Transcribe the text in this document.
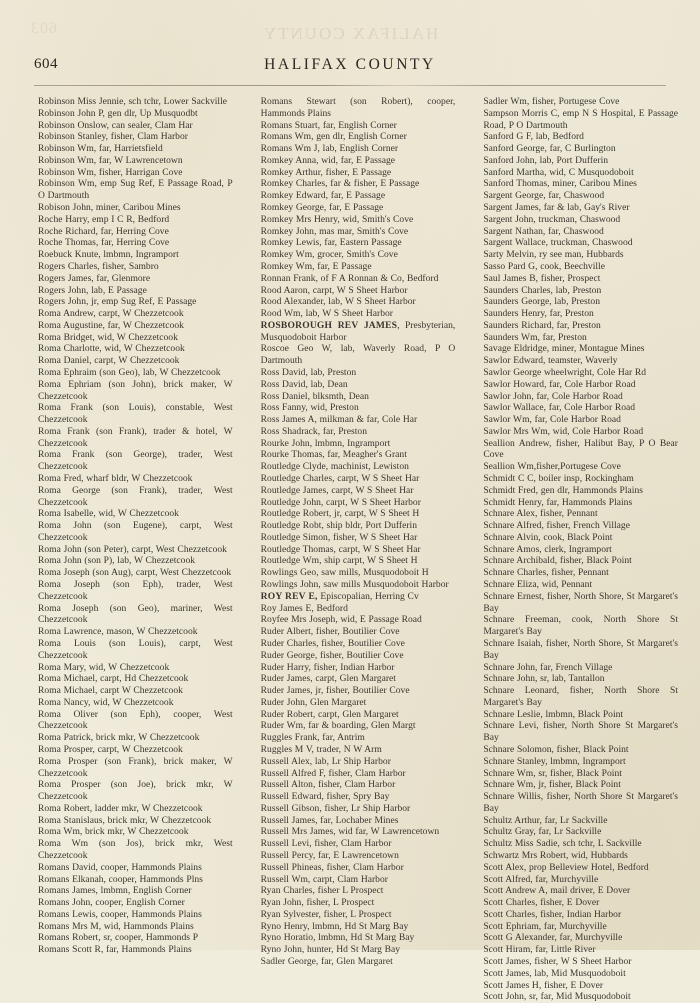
HALIFAX COUNTY
603
604	HALIFAX COUNTY

Robinson Miss Jennie, sch tchr, Lower Sackville

Robinson John P, gen dlr, Up Musquodbt

Robinson Onslow, can sealer, Clam Har

Robinson Stanley, fisher, Clam Harbor

Robinson Wm, far, Harrietsfield

Robinson Wm, far, W Lawrencetown

Robinson Wm, fisher, Harrigan Cove

Robinson Wm, emp Sug Ref, E Passage Road, P O Dartmouth

Robison John, miner, Caribou Mines

Roche Harry, emp I C R, Bedford

Roche Richard, far, Herring Cove

Roche Thomas, far, Herring Cove

Roebuck Knute, lmbmn, Ingramport

Rogers Charles, fisher, Sambro

Rogers James, far, Glenmore

Rogers John, lab, E Passage

Rogers John, jr, emp Sug Ref, E Passage

Roma Andrew, carpt, W Chezzetcook

Roma Augustine, far, W Chezzetcook

Roma Bridget, wid, W Chezzetcook

Roma Charlotte, wid, W Chezzetcook

Roma Daniel, carpt, W Chezzetcook

Roma Ephraim (son Geo), lab, W Chezzetcook

Roma Ephriam (son John), brick maker, W Chezzetcook

Roma Frank (son Louis), constable, West Chezzetcook

Roma Frank (son Frank), trader & hotel, W Chezzetcook

Roma Frank (son George), trader, West Chezzetcook

Roma Fred, wharf bldr, W Chezzetcook

Roma George (son Frank), trader, West Chezzetcook

Roma Isabelle, wid, W Chezzetcook

Roma John (son Eugene), carpt, West Chezzetcook

Roma John (son Peter), carpt, West Chezzetcook

Roma John (son P), lab, W Chezzetcook

Roma Joseph (son Aug), carpt, West Chezzetcook

Roma Joseph (son Eph), trader, West Chezzetcook

Roma Joseph (son Geo), mariner, West Chezzetcook

Roma Lawrence, mason, W Chezzetcook

Roma Louis (son Louis), carpt, West Chezzetcook

Roma Mary, wid, W Chezzetcook

Roma Michael, carpt, Hd Chezzetcook

Roma Michael, carpt W Chezzetcook

Roma Nancy, wid, W Chezzetcook

Roma Oliver (son Eph), cooper, West Chezzetcook

Roma Patrick, brick mkr, W Chezzetcook

Roma Prosper, carpt, W Chezzetcook

Roma Prosper (son Frank), brick maker, W Chezzetcook

Roma Prosper (son Joe), brick mkr, W Chezzetcook

Roma Robert, ladder mkr, W Chezzetcook

Roma Stanislaus, brick mkr, W Chezzetcook

Roma Wm, brick mkr, W Chezzetcook

Roma Wm (son Jos), brick mkr, West Chezzetcook

Romans David, cooper, Hammonds Plains

Romans Elkanah, cooper, Hammonds Plns

Romans James, lmbmn, English Corner

Romans John, cooper, English Corner

Romans Lewis, cooper, Hammonds Plains

Romans Mrs M, wid, Hammonds Plains

Romans Robert, sr, cooper, Hammonds P

Romans Scott R, far, Hammonds Plains

Romans Stewart (son Robert), cooper, Hammonds Plains

Romans Stuart, far, English Corner

Romans Wm, gen dlr, English Corner

Romans Wm J, lab, English Corner

Romkey Anna, wid, far, E Passage

Romkey Arthur, fisher, E Passage

Romkey Charles, far & fisher, E Passage

Romkey Edward, far, E Passage

Romkey George, far, E Passage

Romkey Mrs Henry, wid, Smith's Cove

Romkey John, mas mar, Smith's Cove

Romkey Lewis, far, Eastern Passage

Romkey Wm, grocer, Smith's Cove

Romkey Wm, far, E Passage

Ronnan Frank, of F A Ronnan & Co, Bedford

Rood Aaron, carpt, W S Sheet Harbor

Rood Alexander, lab, W S Sheet Harbor

Rood Wm, lab, W S Sheet Harbor

ROSBOROUGH REV JAMES, Presbyterian, Musquodoboit Harbor

Roscoe Geo W, lab, Waverly Road, P O Dartmouth

Ross David, lab, Preston

Ross David, lab, Dean

Ross Daniel, blksmth, Dean

Ross Fanny, wid, Preston

Ross James A, milkman & far, Cole Har

Ross Shadrack, far, Preston

Rourke John, lmbmn, Ingramport

Rourke Thomas, far, Meagher's Grant

Routledge Clyde, machinist, Lewiston

Routledge Charles, carpt, W S Sheet Har

Routledge James, carpt, W S Sheet Har

Routledge John, carpt, W S Sheet Harbor

Routledge Robert, jr, carpt, W S Sheet H

Routledge Robt, ship bldr, Port Dufferin

Routledge Simon, fisher, W S Sheet Har

Routledge Thomas, carpt, W S Sheet Har

Routledge Wm, ship carpt, W S Sheet H

Rowlings Geo, saw mills, Musquodoboit H

Rowlings John, saw mills Musquodoboit Harbor

ROY REV E, Episcopalian, Herring Cv

Roy James E, Bedford

Royfee Mrs Joseph, wid, E Passage Road

Ruder Albert, fisher, Boutilier Cove

Ruder Charles, fisher, Boutilier Cove

Ruder George, fisher, Boutilier Cove

Ruder Harry, fisher, Indian Harbor

Ruder James, carpt, Glen Margaret

Ruder James, jr, fisher, Boutilier Cove

Ruder John, Glen Margaret

Ruder Robert, carpt, Glen Margaret

Ruder Wm, far & boarding, Glen Margt

Ruggles Frank, far, Antrim

Ruggles M V, trader, N W Arm

Russell Alex, lab, Lr Ship Harbor

Russell Alfred F, fisher, Clam Harbor

Russell Alton, fisher, Clam Harbor

Russell Edward, fisher, Spry Bay

Russell Gibson, fisher, Lr Ship Harbor

Russell James, far, Lochaber Mines

Russell Mrs James, wid far, W Lawrencetown

Russell Levi, fisher, Clam Harbor

Russell Percy, far, E Lawrencetown

Russell Phineas, fisher, Clam Harbor

Russell Wm, carpt, Clam Harbor

Ryan Charles, fisher L Prospect

Ryan John, fisher, L Prospect

Ryan Sylvester, fisher, L Prospect

Ryno Henry, lmbmn, Hd St Marg Bay

Ryno Horatio, lmbmn, Hd St Marg Bay

Ryno John, hunter, Hd St Marg Bay

Sadler George, far, Glen Margaret

Sadler Wm, fisher, Portugese Cove

Sampson Morris C, emp N S Hospital, E Passage Road, P O Dartmouth

Sanford G F, lab, Bedford

Sanford George, far, C Burlington

Sanford John, lab, Port Dufferin

Sanford Martha, wid, C Musquodoboit

Sanford Thomas, miner, Caribou Mines

Sargent George, far, Chaswood

Sargent James, far & lab, Gay's River

Sargent John, truckman, Chaswood

Sargent Nathan, far, Chaswood

Sargent Wallace, truckman, Chaswood

Sarty Melvin, ry see man, Hubbards

Sasso Pard G, cook, Beechville

Saul James B, fisher, Prospect

Saunders Charles, lab, Preston

Saunders George, lab, Preston

Saunders Henry, far, Preston

Saunders Richard, far, Preston

Saunders Wm, far, Preston

Savage Eldridge, miner, Montague Mines

Sawlor Edward, teamster, Waverly

Sawlor George wheelwright, Cole Har Rd

Sawlor Howard, far, Cole Harbor Road

Sawlor John, far, Cole Harbor Road

Sawlor Wallace, far, Cole Harbor Road

Sawlor Wm, far, Cole Harbor Road

Sawlor Mrs Wm, wid, Cole Harbor Road

Seallion Andrew, fisher, Halibut Bay, P O Bear Cove

Seallion Wm,fisher,Portugese Cove

Schmidt C C, boiler insp, Rockingham

Schmidt Fred, gen dlr, Hammonds Plains

Schmidt Henry, far, Hammonds Plains

Schnare Alex, fisher, Pennant

Schnare Alfred, fisher, French Village

Schnare Alvin, cook, Black Point

Schnare Amos, clerk, Ingramport

Schnare Archibald, fisher, Black Point

Schnare Charles, fisher, Pennant

Schnare Eliza, wid, Pennant

Schnare Ernest, fisher, North Shore, St Margaret's Bay

Schnare Freeman, cook, North Shore St Margaret's Bay

Schnare Isaiah, fisher, North Shore, St Margaret's Bay

Schnare John, far, French Village

Schnare John, sr, lab, Tantallon

Schnare Leonard, fisher, North Shore St Margaret's Bay

Schnare Leslie, lmbmn, Black Point

Schnare Levi, fisher, North Shore St Margaret's Bay

Schnare Solomon, fisher, Black Point

Schnare Stanley, lmbmn, Ingramport

Schnare Wm, sr, fisher, Black Point

Schnare Wm, jr, fisher, Black Point

Schnare Willis, fisher, North Shore St Margaret's Bay

Schultz Arthur, far, Lr Sackville

Schultz Gray, far, Lr Sackville

Schultz Miss Sadie, sch tchr, L Sackville

Schwartz Mrs Robert, wid, Hubbards

Scott Alex, prop Belleview Hotel, Bedford

Scott Alfred, far, Murchyville

Scott Andrew A, mail driver, E Dover

Scott Charles, fisher, E Dover

Scott Charles, fisher, Indian Harbor

Scott Ephriam, far, Murchyville

Scott G Alexander, far, Murchyville

Scott Hiram, far, Little River

Scott James, fisher, W S Sheet Harbor

Scott James, lab, Mid Musquodoboit

Scott James H, fisher, E Dover

Scott John, sr, far, Mid Musquodoboit
